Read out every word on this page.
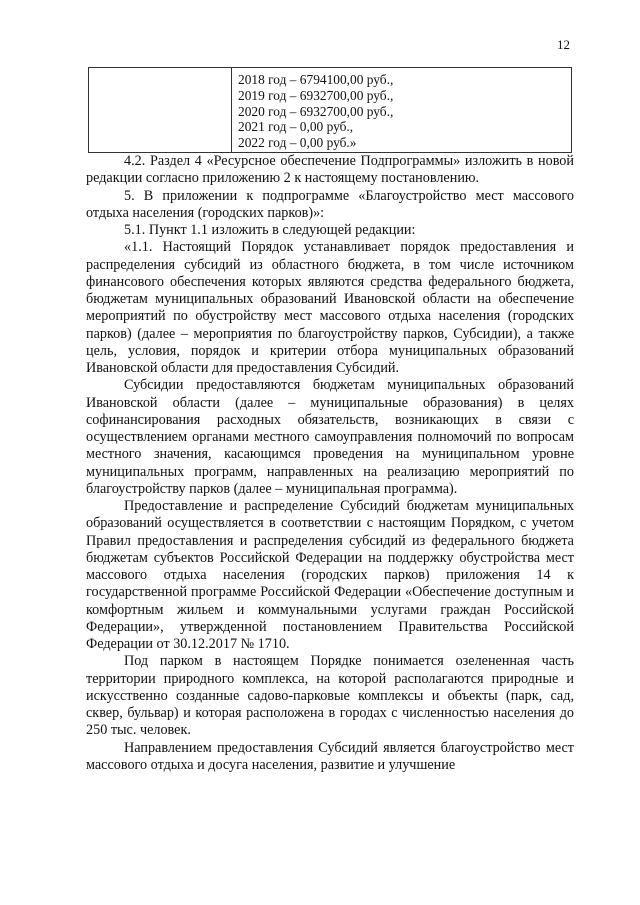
12

2018 год – 6794100,00 руб.,
2019 год – 6932700,00 руб.,
2020 год – 6932700,00 руб.,
2021 год – 0,00 руб.,
2022 год – 0,00 руб.»

4.2. Раздел 4 «Ресурсное обеспечение Подпрограммы» изложить в новой редакции согласно приложению 2 к настоящему постановлению.

5. В приложении к подпрограмме «Благоустройство мест массового отдыха населения (городских парков)»:

5.1. Пункт 1.1 изложить в следующей редакции:

«1.1. Настоящий Порядок устанавливает порядок предоставления и распределения субсидий из областного бюджета, в том числе источником финансового обеспечения которых являются средства федерального бюджета, бюджетам муниципальных образований Ивановской области на обеспечение мероприятий по обустройству мест массового отдыха населения (городских парков) (далее – мероприятия по благоустройству парков, Субсидии), а также цель, условия, порядок и критерии отбора муниципальных образований Ивановской области для предоставления Субсидий.

Субсидии предоставляются бюджетам муниципальных образований Ивановской области (далее – муниципальные образования) в целях софинансирования расходных обязательств, возникающих в связи с осуществлением органами местного самоуправления полномочий по вопросам местного значения, касающимся проведения на муниципальном уровне муниципальных программ, направленных на реализацию мероприятий по благоустройству парков (далее – муниципальная программа).

Предоставление и распределение Субсидий бюджетам муниципальных образований осуществляется в соответствии с настоящим Порядком, с учетом Правил предоставления и распределения субсидий из федерального бюджета бюджетам субъектов Российской Федерации на поддержку обустройства мест массового отдыха населения (городских парков) приложения 14 к государственной программе Российской Федерации «Обеспечение доступным и комфортным жильем и коммунальными услугами граждан Российской Федерации», утвержденной постановлением Правительства Российской Федерации от 30.12.2017 № 1710.

Под парком в настоящем Порядке понимается озелененная часть территории природного комплекса, на которой располагаются природные и искусственно созданные садово-парковые комплексы и объекты (парк, сад, сквер, бульвар) и которая расположена в городах с численностью населения до 250 тыс. человек.

Направлением предоставления Субсидий является благоустройство мест массового отдыха и досуга населения, развитие и улучшение
